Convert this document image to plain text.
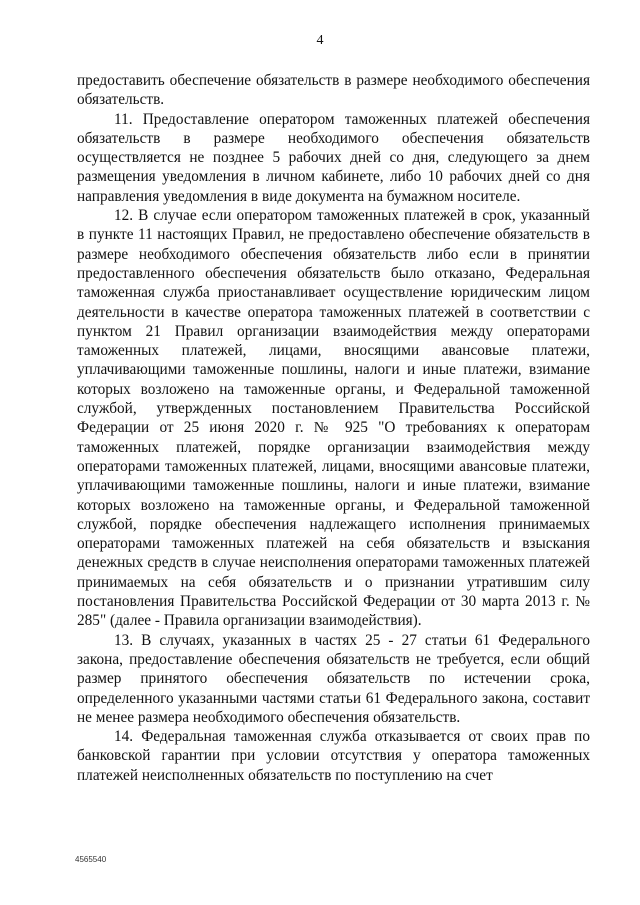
4

предоставить обеспечение обязательств в размере необходимого обеспечения обязательств.

11. Предоставление оператором таможенных платежей обеспечения обязательств в размере необходимого обеспечения обязательств осуществляется не позднее 5 рабочих дней со дня, следующего за днем размещения уведомления в личном кабинете, либо 10 рабочих дней со дня направления уведомления в виде документа на бумажном носителе.

12. В случае если оператором таможенных платежей в срок, указанный в пункте 11 настоящих Правил, не предоставлено обеспечение обязательств в размере необходимого обеспечения обязательств либо если в принятии предоставленного обеспечения обязательств было отказано, Федеральная таможенная служба приостанавливает осуществление юридическим лицом деятельности в качестве оператора таможенных платежей в соответствии с пунктом 21 Правил организации взаимодействия между операторами таможенных платежей, лицами, вносящими авансовые платежи, уплачивающими таможенные пошлины, налоги и иные платежи, взимание которых возложено на таможенные органы, и Федеральной таможенной службой, утвержденных постановлением Правительства Российской Федерации от 25 июня 2020 г. № 925 "О требованиях к операторам таможенных платежей, порядке организации взаимодействия между операторами таможенных платежей, лицами, вносящими авансовые платежи, уплачивающими таможенные пошлины, налоги и иные платежи, взимание которых возложено на таможенные органы, и Федеральной таможенной службой, порядке обеспечения надлежащего исполнения принимаемых операторами таможенных платежей на себя обязательств и взыскания денежных средств в случае неисполнения операторами таможенных платежей принимаемых на себя обязательств и о признании утратившим силу постановления Правительства Российской Федерации от 30 марта 2013 г. № 285" (далее - Правила организации взаимодействия).

13. В случаях, указанных в частях 25 - 27 статьи 61 Федерального закона, предоставление обеспечения обязательств не требуется, если общий размер принятого обеспечения обязательств по истечении срока, определенного указанными частями статьи 61 Федерального закона, составит не менее размера необходимого обеспечения обязательств.

14. Федеральная таможенная служба отказывается от своих прав по банковской гарантии при условии отсутствия у оператора таможенных платежей неисполненных обязательств по поступлению на счет

4565540
